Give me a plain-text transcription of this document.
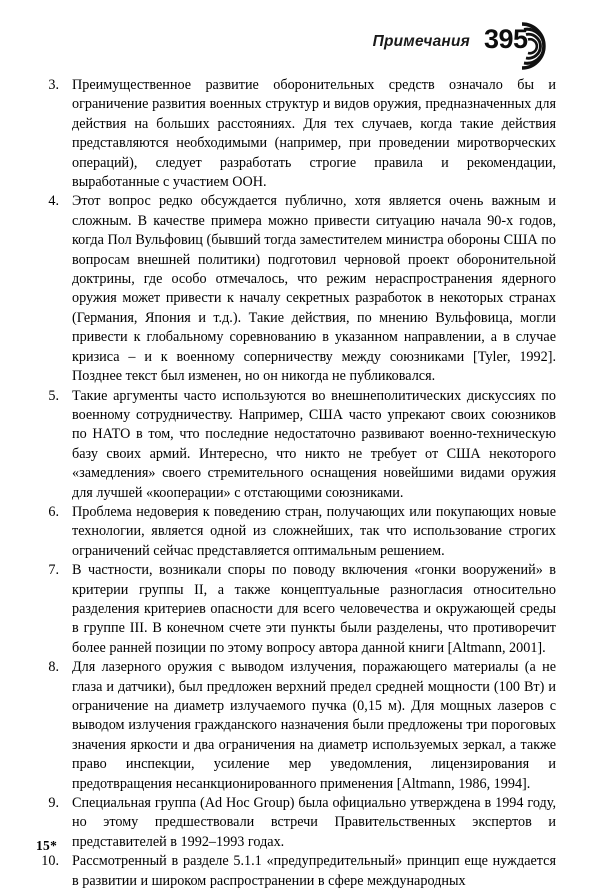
Примечания 395
3. Преимущественное развитие оборонительных средств означало бы и ограничение развития военных структур и видов оружия, предназначенных для действия на больших расстояниях. Для тех случаев, когда такие действия представляются необходимыми (например, при проведении миротворческих операций), следует разработать строгие правила и рекомендации, выработанные с участием ООН.
4. Этот вопрос редко обсуждается публично, хотя является очень важным и сложным. В качестве примера можно привести ситуацию начала 90-х годов, когда Пол Вульфовиц (бывший тогда заместителем министра обороны США по вопросам внешней политики) подготовил черновой проект оборонительной доктрины, где особо отмечалось, что режим нераспространения ядерного оружия может привести к началу секретных разработок в некоторых странах (Германия, Япония и т.д.). Такие действия, по мнению Вульфовица, могли привести к глобальному соревнованию в указанном направлении, а в случае кризиса – и к военному соперничеству между союзниками [Tyler, 1992]. Позднее текст был изменен, но он никогда не публиковался.
5. Такие аргументы часто используются во внешнеполитических дискуссиях по военному сотрудничеству. Например, США часто упрекают своих союзников по НАТО в том, что последние недостаточно развивают военно-техническую базу своих армий. Интересно, что никто не требует от США некоторого «замедления» своего стремительного оснащения новейшими видами оружия для лучшей «кооперации» с отстающими союзниками.
6. Проблема недоверия к поведению стран, получающих или покупающих новые технологии, является одной из сложнейших, так что использование строгих ограничений сейчас представляется оптимальным решением.
7. В частности, возникали споры по поводу включения «гонки вооружений» в критерии группы II, а также концептуальные разногласия относительно разделения критериев опасности для всего человечества и окружающей среды в группе III. В конечном счете эти пункты были разделены, что противоречит более ранней позиции по этому вопросу автора данной книги [Altmann, 2001].
8. Для лазерного оружия с выводом излучения, поражающего материалы (а не глаза и датчики), был предложен верхний предел средней мощности (100 Вт) и ограничение на диаметр излучаемого пучка (0,15 м). Для мощных лазеров с выводом излучения гражданского назначения были предложены три пороговых значения яркости и два ограничения на диаметр используемых зеркал, а также право инспекции, усиление мер уведомления, лицензирования и предотвращения несанкционированного применения [Altmann, 1986, 1994].
9. Специальная группа (Ad Hoc Group) была официально утверждена в 1994 году, но этому предшествовали встречи Правительственных экспертов и представителей в 1992–1993 годах.
10. Рассмотренный в разделе 5.1.1 «предупредительный» принцип еще нуждается в развитии и широком распространении в сфере международных
15*
